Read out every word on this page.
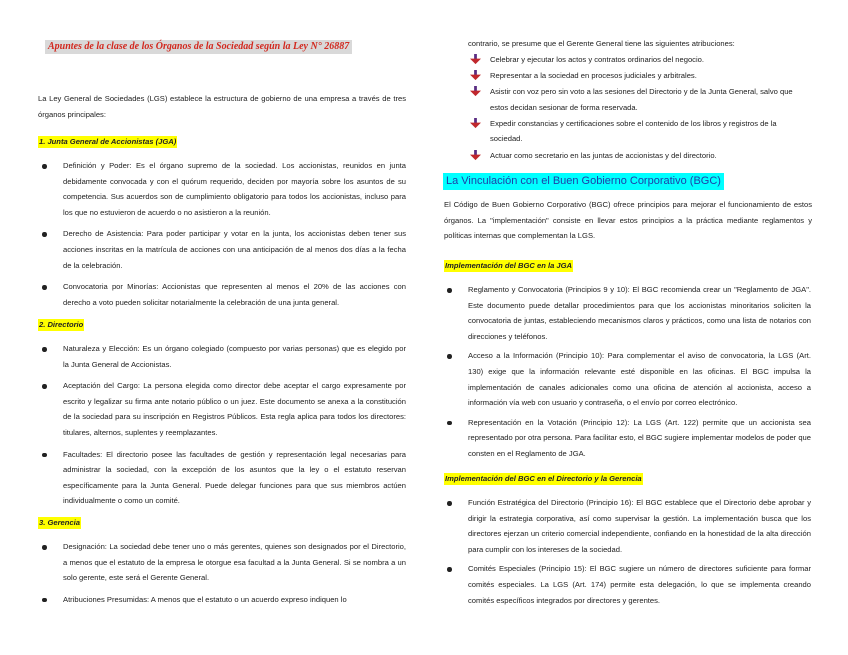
Apuntes de la clase de los Órganos de la Sociedad según la Ley N° 26887

La Ley General de Sociedades (LGS) establece la estructura de gobierno de una empresa a través de tres órganos principales:

1. Junta General de Accionistas (JGA)
Definición y Poder: Es el órgano supremo de la sociedad. Los accionistas, reunidos en junta debidamente convocada y con el quórum requerido, deciden por mayoría sobre los asuntos de su competencia. Sus acuerdos son de cumplimiento obligatorio para todos los accionistas, incluso para los que no estuvieron de acuerdo o no asistieron a la reunión.
Derecho de Asistencia: Para poder participar y votar en la junta, los accionistas deben tener sus acciones inscritas en la matrícula de acciones con una anticipación de al menos dos días a la fecha de la celebración.
Convocatoria por Minorías: Accionistas que representen al menos el 20% de las acciones con derecho a voto pueden solicitar notarialmente la celebración de una junta general.
2. Directorio
Naturaleza y Elección: Es un órgano colegiado (compuesto por varias personas) que es elegido por la Junta General de Accionistas.
Aceptación del Cargo: La persona elegida como director debe aceptar el cargo expresamente por escrito y legalizar su firma ante notario público o un juez. Este documento se anexa a la constitución de la sociedad para su inscripción en Registros Públicos. Esta regla aplica para todos los directores: titulares, alternos, suplentes y reemplazantes.
Facultades: El directorio posee las facultades de gestión y representación legal necesarias para administrar la sociedad, con la excepción de los asuntos que la ley o el estatuto reservan específicamente para la Junta General. Puede delegar funciones para que sus miembros actúen individualmente o como un comité.
3. Gerencia
Designación: La sociedad debe tener uno o más gerentes, quienes son designados por el Directorio, a menos que el estatuto de la empresa le otorgue esa facultad a la Junta General. Si se nombra a un solo gerente, este será el Gerente General.
Atribuciones Presumidas: A menos que el estatuto o un acuerdo expreso indiquen lo

contrario, se presume que el Gerente General tiene las siguientes atribuciones:

Celebrar y ejecutar los actos y contratos ordinarios del negocio.
Representar a la sociedad en procesos judiciales y arbitrales.
Asistir con voz pero sin voto a las sesiones del Directorio y de la Junta General, salvo que estos decidan sesionar de forma reservada.
Expedir constancias y certificaciones sobre el contenido de los libros y registros de la sociedad.
Actuar como secretario en las juntas de accionistas y del directorio.
La Vinculación con el Buen Gobierno Corporativo (BGC)

El Código de Buen Gobierno Corporativo (BGC) ofrece principios para mejorar el funcionamiento de estos órganos. La "implementación" consiste en llevar estos principios a la práctica mediante reglamentos y políticas internas que complementan la LGS.

Implementación del BGC en la JGA
Reglamento y Convocatoria (Principios 9 y 10): El BGC recomienda crear un "Reglamento de JGA". Este documento puede detallar procedimientos para que los accionistas minoritarios soliciten la convocatoria de juntas, estableciendo mecanismos claros y prácticos, como una lista de notarios con direcciones y teléfonos.
Acceso a la Información (Principio 10): Para complementar el aviso de convocatoria, la LGS (Art. 130) exige que la información relevante esté disponible en las oficinas. El BGC impulsa la implementación de canales adicionales como una oficina de atención al accionista, acceso a información vía web con usuario y contraseña, o el envío por correo electrónico.
Representación en la Votación (Principio 12): La LGS (Art. 122) permite que un accionista sea representado por otra persona. Para facilitar esto, el BGC sugiere implementar modelos de poder que consten en el Reglamento de JGA.
Implementación del BGC en el Directorio y la Gerencia
Función Estratégica del Directorio (Principio 16): El BGC establece que el Directorio debe aprobar y dirigir la estrategia corporativa, así como supervisar la gestión. La implementación busca que los directores ejerzan un criterio comercial independiente, confiando en la honestidad de la alta dirección para cumplir con los intereses de la sociedad.
Comités Especiales (Principio 15): El BGC sugiere un número de directores suficiente para formar comités especiales. La LGS (Art. 174) permite esta delegación, lo que se implementa creando comités específicos integrados por directores y gerentes.
